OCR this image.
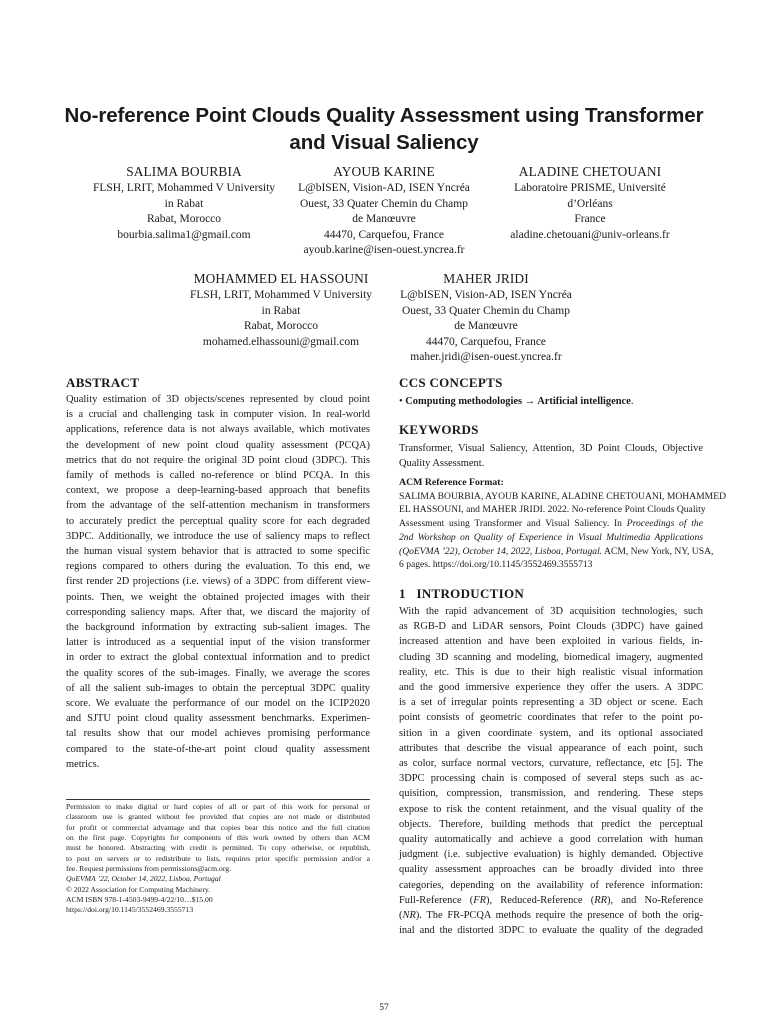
No-reference Point Clouds Quality Assessment using Transformer
and Visual Saliency
SALIMA BOURBIA
FLSH, LRIT, Mohammed V University
in Rabat
Rabat, Morocco
bourbia.salima1@gmail.com
AYOUB KARINE
L@bISEN, Vision-AD, ISEN Yncréa
Ouest, 33 Quater Chemin du Champ
de Manœuvre
44470, Carquefou, France
ayoub.karine@isen-ouest.yncrea.fr
ALADINE CHETOUANI
Laboratoire PRISME, Université
d’Orléans
France
aladine.chetouani@univ-orleans.fr
MOHAMMED EL HASSOUNI
FLSH, LRIT, Mohammed V University
in Rabat
Rabat, Morocco
mohamed.elhassouni@gmail.com
MAHER JRIDI
L@bISEN, Vision-AD, ISEN Yncréa
Ouest, 33 Quater Chemin du Champ
de Manœuvre
44470, Carquefou, France
maher.jridi@isen-ouest.yncrea.fr
ABSTRACT
Quality estimation of 3D objects/scenes represented by cloud point
is a crucial and challenging task in computer vision. In real-world
applications, reference data is not always available, which motivates
the development of new point cloud quality assessment (PCQA)
metrics that do not require the original 3D point cloud (3DPC). This
family of methods is called no-reference or blind PCQA. In this
context, we propose a deep-learning-based approach that benefits
from the advantage of the self-attention mechanism in transformers
to accurately predict the perceptual quality score for each degraded
3DPC. Additionally, we introduce the use of saliency maps to reflect
the human visual system behavior that is attracted to some specific
regions compared to others during the evaluation. To this end, we
first render 2D projections (i.e. views) of a 3DPC from different view-
points. Then, we weight the obtained projected images with their
corresponding saliency maps. After that, we discard the majority of
the background information by extracting sub-salient images. The
latter is introduced as a sequential input of the vision transformer
in order to extract the global contextual information and to predict
the quality scores of the sub-images. Finally, we average the scores
of all the salient sub-images to obtain the perceptual 3DPC quality
score. We evaluate the performance of our model on the ICIP2020
and SJTU point cloud quality assessment benchmarks. Experimen-
tal results show that our model achieves promising performance
compared to the state-of-the-art point cloud quality assessment
metrics.
Permission to make digital or hard copies of all or part of this work for personal or
classroom use is granted without fee provided that copies are not made or distributed
for profit or commercial advantage and that copies bear this notice and the full citation
on the first page. Copyrights for components of this work owned by others than ACM
must be honored. Abstracting with credit is permitted. To copy otherwise, or republish,
to post on servers or to redistribute to lists, requires prior specific permission and/or a
fee. Request permissions from permissions@acm.org.
QoEVMA ’22, October 14, 2022, Lisboa, Portugal
© 2022 Association for Computing Machinery.
ACM ISBN 978-1-4503-9499-4/22/10…$15.00
https://doi.org/10.1145/3552469.3555713
CCS CONCEPTS
• Computing methodologies → Artificial intelligence.
KEYWORDS
Transformer, Visual Saliency, Attention, 3D Point Clouds, Objective
Quality Assessment.
ACM Reference Format:
SALIMA BOURBIA, AYOUB KARINE, ALADINE CHETOUANI, MOHAMMED
EL HASSOUNI, and MAHER JRIDI. 2022. No-reference Point Clouds Quality
Assessment using Transformer and Visual Saliency. In Proceedings of the
2nd Workshop on Quality of Experience in Visual Multimedia Applications
(QoEVMA ’22), October 14, 2022, Lisboa, Portugal. ACM, New York, NY, USA,
6 pages. https://doi.org/10.1145/3552469.3555713
1 INTRODUCTION
With the rapid advancement of 3D acquisition technologies, such
as RGB-D and LiDAR sensors, Point Clouds (3DPC) have gained
increased attention and have been exploited in various fields, in-
cluding 3D scanning and modeling, biomedical imagery, augmented
reality, etc. This is due to their high realistic visual information
and the good immersive experience they offer the users. A 3DPC
is a set of irregular points representing a 3D object or scene. Each
point consists of geometric coordinates that refer to the point po-
sition in a given coordinate system, and its optional associated
attributes that describe the visual appearance of each point, such
as color, surface normal vectors, curvature, reflectance, etc [5]. The
3DPC processing chain is composed of several steps such as ac-
quisition, compression, transmission, and rendering. These steps
expose to risk the content retainment, and the visual quality of the
objects. Therefore, building methods that predict the perceptual
quality automatically and achieve a good correlation with human
judgment (i.e. subjective evaluation) is highly demanded. Objective
quality assessment approaches can be broadly divided into three
categories, depending on the availability of reference information:
Full-Reference (FR), Reduced-Reference (RR), and No-Reference
(NR). The FR-PCQA methods require the presence of both the orig-
inal and the distorted 3DPC to evaluate the quality of the degraded
57
